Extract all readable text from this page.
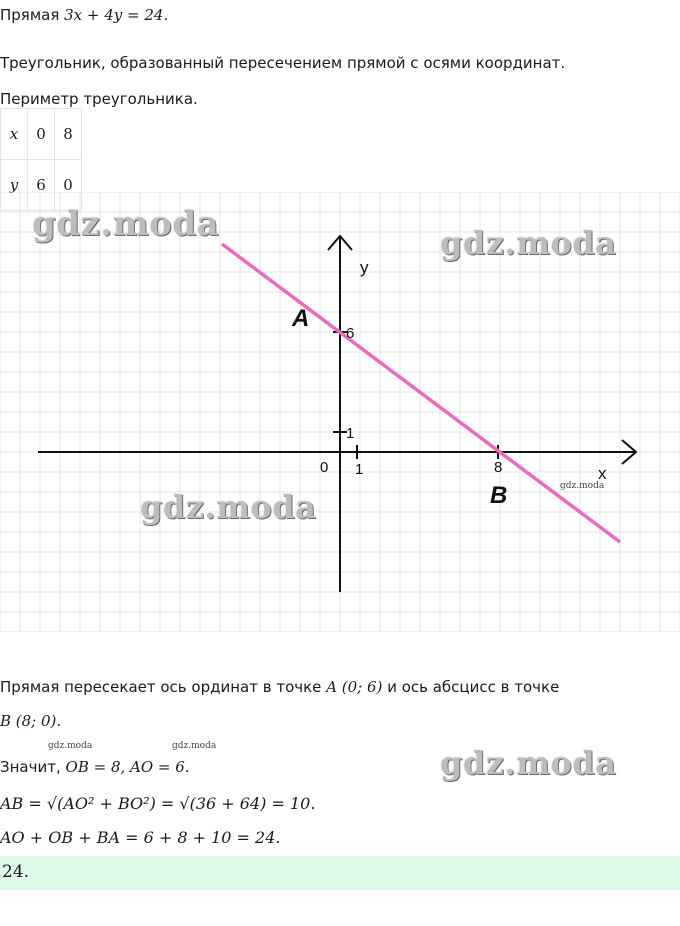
Прямая 3x + 4y = 24.
Треугольник, образованный пересечением прямой с осями координат.
Периметр треугольника.
x	0	8
y	6	0
0 1	8
1
6
y
x
A
B
gdz.moda	gdz.moda
gdz.moda
gdz.moda
gdz.moda	gdz.moda	gdz.moda
Прямая пересекает ось ординат в точке A (0; 6) и ось абсцисс в точке
B (8; 0).
Значит, OB = 8, AO = 6.
AB = √(AO² + BO²) = √(36 + 64) = 10.
AO + OB + BA = 6 + 8 + 10 = 24.
24.
